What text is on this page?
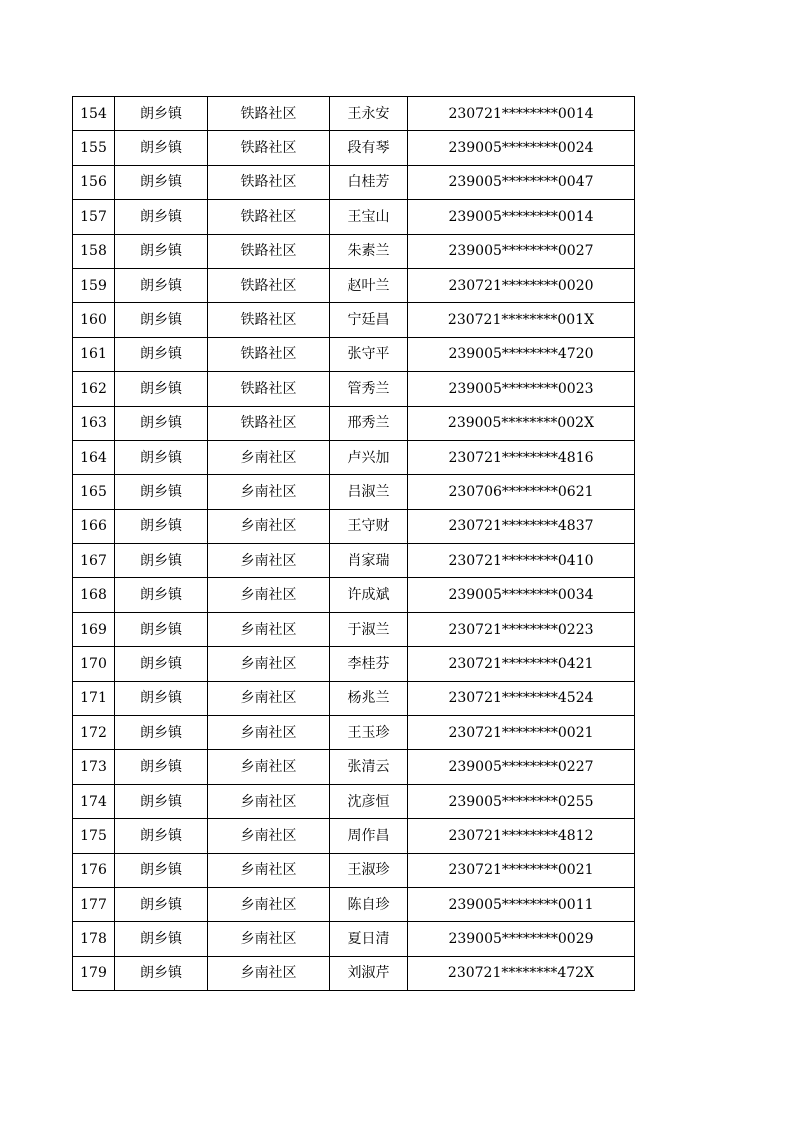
154	朗乡镇	铁路社区	王永安	230721********0014
155	朗乡镇	铁路社区	段有琴	239005********0024
156	朗乡镇	铁路社区	白桂芳	239005********0047
157	朗乡镇	铁路社区	王宝山	239005********0014
158	朗乡镇	铁路社区	朱素兰	239005********0027
159	朗乡镇	铁路社区	赵叶兰	230721********0020
160	朗乡镇	铁路社区	宁廷昌	230721********001X
161	朗乡镇	铁路社区	张守平	239005********4720
162	朗乡镇	铁路社区	管秀兰	239005********0023
163	朗乡镇	铁路社区	邢秀兰	239005********002X
164	朗乡镇	乡南社区	卢兴加	230721********4816
165	朗乡镇	乡南社区	吕淑兰	230706********0621
166	朗乡镇	乡南社区	王守财	230721********4837
167	朗乡镇	乡南社区	肖家瑞	230721********0410
168	朗乡镇	乡南社区	许成斌	239005********0034
169	朗乡镇	乡南社区	于淑兰	230721********0223
170	朗乡镇	乡南社区	李桂芬	230721********0421
171	朗乡镇	乡南社区	杨兆兰	230721********4524
172	朗乡镇	乡南社区	王玉珍	230721********0021
173	朗乡镇	乡南社区	张清云	239005********0227
174	朗乡镇	乡南社区	沈彦恒	239005********0255
175	朗乡镇	乡南社区	周作昌	230721********4812
176	朗乡镇	乡南社区	王淑珍	230721********0021
177	朗乡镇	乡南社区	陈自珍	239005********0011
178	朗乡镇	乡南社区	夏日清	239005********0029
179	朗乡镇	乡南社区	刘淑芹	230721********472X
